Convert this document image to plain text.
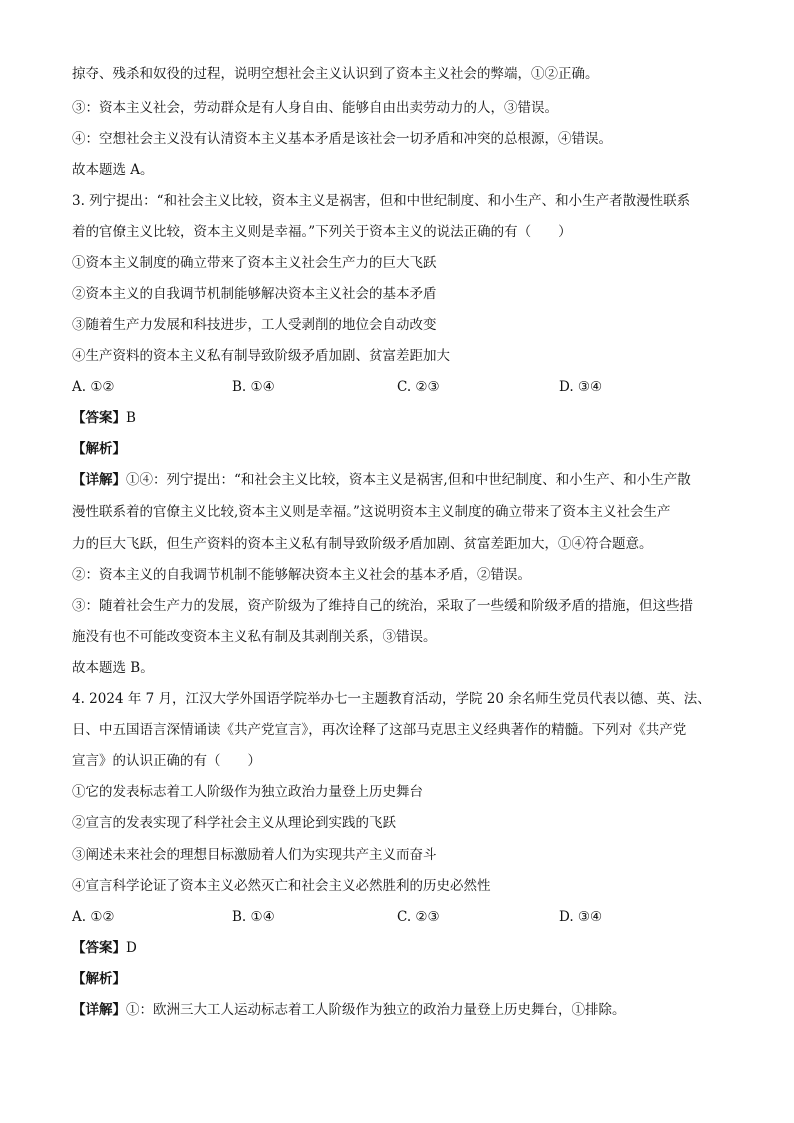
掠夺、残杀和奴役的过程，说明空想社会主义认识到了资本主义社会的弊端，①②正确。
③：资本主义社会，劳动群众是有人身自由、能够自由出卖劳动力的人，③错误。
④：空想社会主义没有认清资本主义基本矛盾是该社会一切矛盾和冲突的总根源，④错误。
故本题选 A。
3. 列宁提出：“和社会主义比较，资本主义是祸害，但和中世纪制度、和小生产、和小生产者散漫性联系
着的官僚主义比较，资本主义则是幸福。”下列关于资本主义的说法正确的有（　　）
①资本主义制度的确立带来了资本主义社会生产力的巨大飞跃
②资本主义的自我调节机制能够解决资本主义社会的基本矛盾
③随着生产力发展和科技进步，工人受剥削的地位会自动改变
④生产资料的资本主义私有制导致阶级矛盾加剧、贫富差距加大
A. ①②	B. ①④	C. ②③	D. ③④
【答案】B
【解析】
【详解】①④：列宁提出：“和社会主义比较，资本主义是祸害,但和中世纪制度、和小生产、和小生产散
漫性联系着的官僚主义比较,资本主义则是幸福。”这说明资本主义制度的确立带来了资本主义社会生产
力的巨大飞跃，但生产资料的资本主义私有制导致阶级矛盾加剧、贫富差距加大，①④符合题意。
②：资本主义的自我调节机制不能够解决资本主义社会的基本矛盾，②错误。
③：随着社会生产力的发展，资产阶级为了维持自己的统治，采取了一些缓和阶级矛盾的措施，但这些措
施没有也不可能改变资本主义私有制及其剥削关系，③错误。
故本题选 B。
4. 2024 年 7 月，江汉大学外国语学院举办七一主题教育活动，学院 20 余名师生党员代表以德、英、法、
日、中五国语言深情诵读《共产党宣言》，再次诠释了这部马克思主义经典著作的精髓。下列对《共产党
宣言》的认识正确的有（　　）
①它的发表标志着工人阶级作为独立政治力量登上历史舞台
②宣言的发表实现了科学社会主义从理论到实践的飞跃
③阐述未来社会的理想目标激励着人们为实现共产主义而奋斗
④宣言科学论证了资本主义必然灭亡和社会主义必然胜利的历史必然性
A. ①②	B. ①④	C. ②③	D. ③④
【答案】D
【解析】
【详解】①：欧洲三大工人运动标志着工人阶级作为独立的政治力量登上历史舞台，①排除。
